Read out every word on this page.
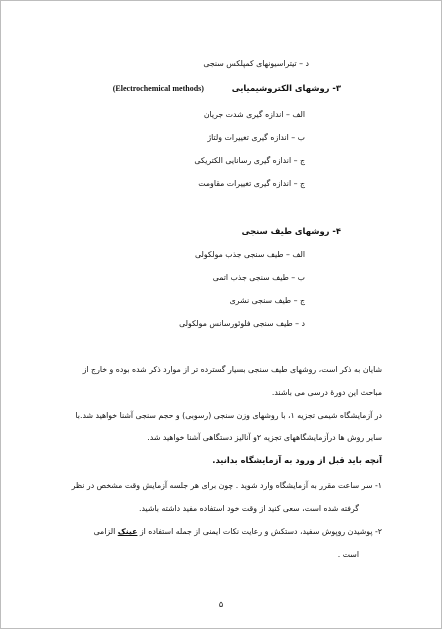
د – تیتراسیونهای کمپلکس سنجی
۳- روشهای الکتروشیمیایی  (Electrochemical methods)
الف – اندازه گیری شدت جریان
ب – اندازه گیری تغییرات ولتاژ
ج – اندازه گیری رسانایی الکتریکی
ج – اندازه گیری تغییرات مقاومت
۴- روشهای طیف سنجی
الف – طیف سنجی جذب مولکولی
ب – طیف سنجی جذب اتمی
ج – طیف سنجی نشری
د – طیف سنجی فلوئورسانس مولکولی
شایان به ذکر است، روشهای طیف سنجی بسیار گسترده تر از موارد ذکر شده بوده و خارج از
مباحث این دورۀ درسی می باشند.
در آزمایشگاه شیمی تجزیه ۱، با روشهای وزن سنجی (رسوبی) و حجم سنجی آشنا خواهید شد.با
سایر روش ها درآزمایشگاههای تجزیه ۲و آنالیز دستگاهی آشنا خواهید شد.
آنچه باید قبل از ورود به آزمایشگاه بدانید.
۱- سر ساعت مقرر به آزمایشگاه وارد شوید . چون برای هر جلسه آزمایش وقت مشخص در نظر
گرفته شده است، سعی کنید از وقت خود استفاده مفید داشته باشید.
۲- پوشیدن روپوش سفید، دستکش و رعایت نکات ایمنی از جمله استفاده از عینک الزامی
است .
۵
